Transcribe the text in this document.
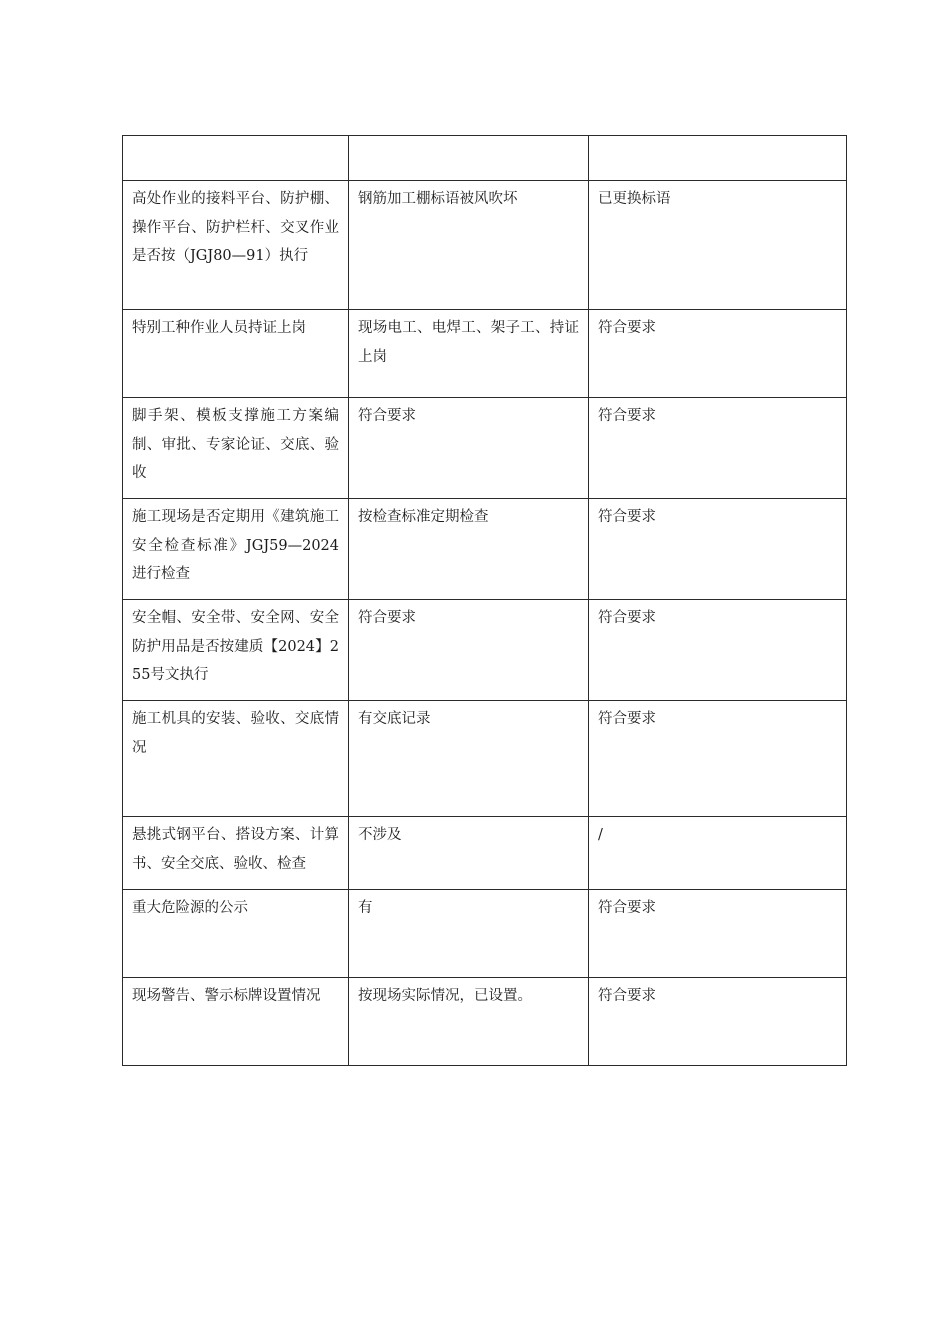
高处作业的接料平台、防护棚、操作平台、防护栏杆、交叉作业是否按（JGJ80—91）执行	钢筋加工棚标语被风吹坏	已更换标语
特别工种作业人员持证上岗	现场电工、电焊工、架子工、持证上岗	符合要求
脚手架、模板支撑施工方案编制、审批、专家论证、交底、验收	符合要求	符合要求
施工现场是否定期用《建筑施工安全检查标准》JGJ59—2024进行检查	按检查标准定期检查	符合要求
安全帽、安全带、安全网、安全防护用品是否按建质【2024】255号文执行	符合要求	符合要求
施工机具的安装、验收、交底情况	有交底记录	符合要求
悬挑式钢平台、搭设方案、计算书、安全交底、验收、检查	不涉及	/
重大危险源的公示	有	符合要求
现场警告、警示标牌设置情况	按现场实际情况，已设置。	符合要求
